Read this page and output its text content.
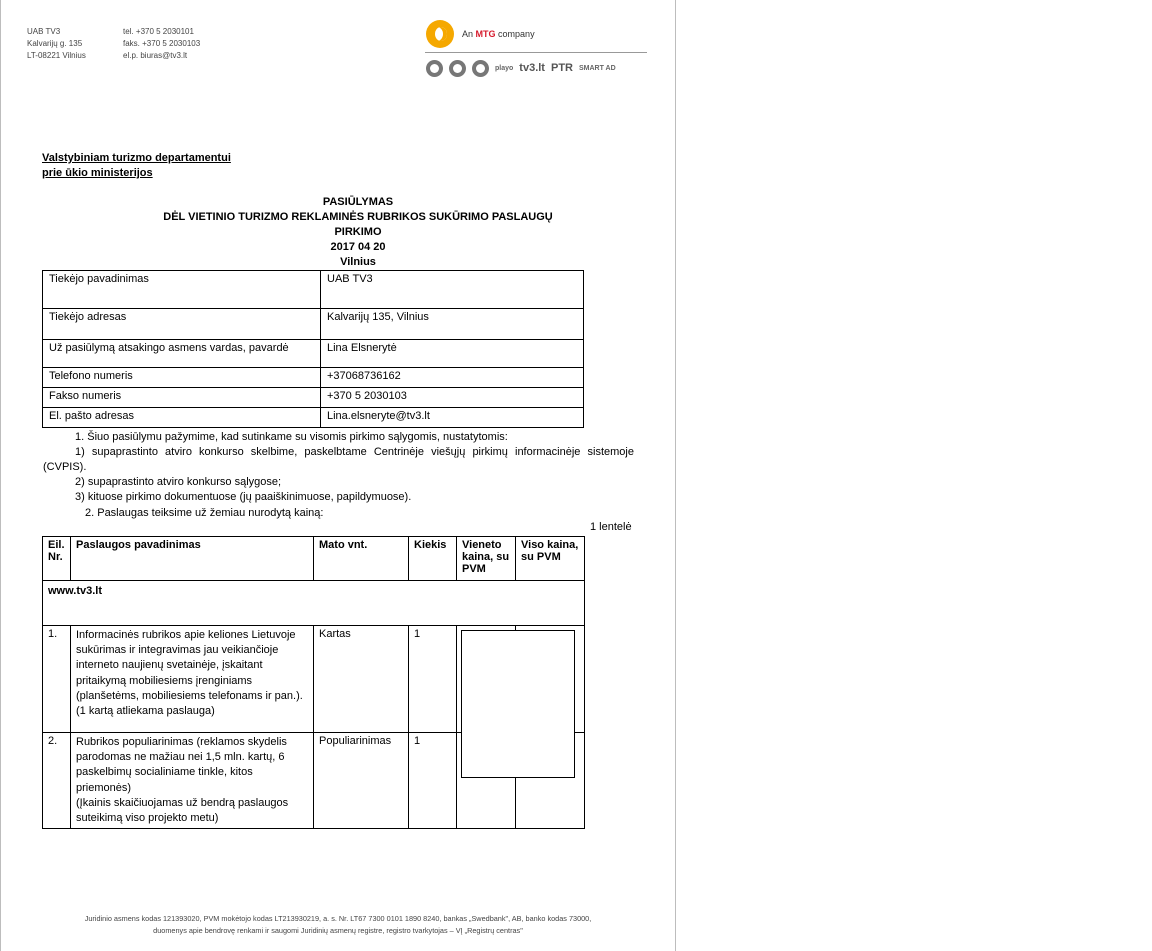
UAB TV3
Kalvarijų g. 135
LT-08221 Vilnius
tel. +370 5 2030101
faks. +370 5 2030103
el.p. biuras@tv3.lt
An MTG company
playo tv3.lt PTR SMART AD
Valstybiniam turizmo departamentui
prie ūkio ministerijos
PASIŪLYMAS
DĖL VIETINIO TURIZMO REKLAMINĖS RUBRIKOS SUKŪRIMO PASLAUGŲ
PIRKIMO
2017 04 20
Vilnius
Tiekėjo pavadinimas	UAB TV3
Tiekėjo adresas	Kalvarijų 135, Vilnius
Už pasiūlymą atsakingo asmens vardas, pavardė	Lina Elsnerytė
Telefono numeris	+37068736162
Fakso numeris	+370 5 2030103
El. pašto adresas	Lina.elsneryte@tv3.lt
1. Šiuo pasiūlymu pažymime, kad sutinkame su visomis pirkimo sąlygomis, nustatytomis:
1) supaprastinto atviro konkurso skelbime, paskelbtame Centrinėje viešųjų pirkimų informacinėje sistemoje (CVPIS).
2) supaprastinto atviro konkurso sąlygose;
3) kituose pirkimo dokumentuose (jų paaiškinimuose, papildymuose).
2. Paslaugas teiksime už žemiau nurodytą kainą:
1 lentelė
Eil. Nr.	Paslaugos pavadinimas	Mato vnt.	Kiekis	Vieneto kaina, su PVM	Viso kaina, su PVM
www.tv3.lt					
1.	Informacinės rubrikos apie keliones Lietuvoje sukūrimas ir integravimas jau veikiančioje interneto naujienų svetainėje, įskaitant pritaikymą mobiliesiems įrenginiams (planšetėms, mobiliesiems telefonams ir pan.).
(1 kartą atliekama paslauga)	Kartas	1		
2.	Rubrikos populiarinimas (reklamos skydelis parodomas ne mažiau nei 1,5 mln. kartų, 6 paskelbimų socialiniame tinkle, kitos priemonės)
(Įkainis skaičiuojamas už bendrą paslaugos suteikimą viso projekto metu)	Populiarinimas	1		
Juridinio asmens kodas 121393020, PVM mokėtojo kodas LT213930219, a. s. Nr. LT67 7300 0101 1890 8240, bankas „Swedbank", AB, banko kodas 73000,
duomenys apie bendrovę renkami ir saugomi Juridinių asmenų registre, registro tvarkytojas – VĮ „Registrų centras"
